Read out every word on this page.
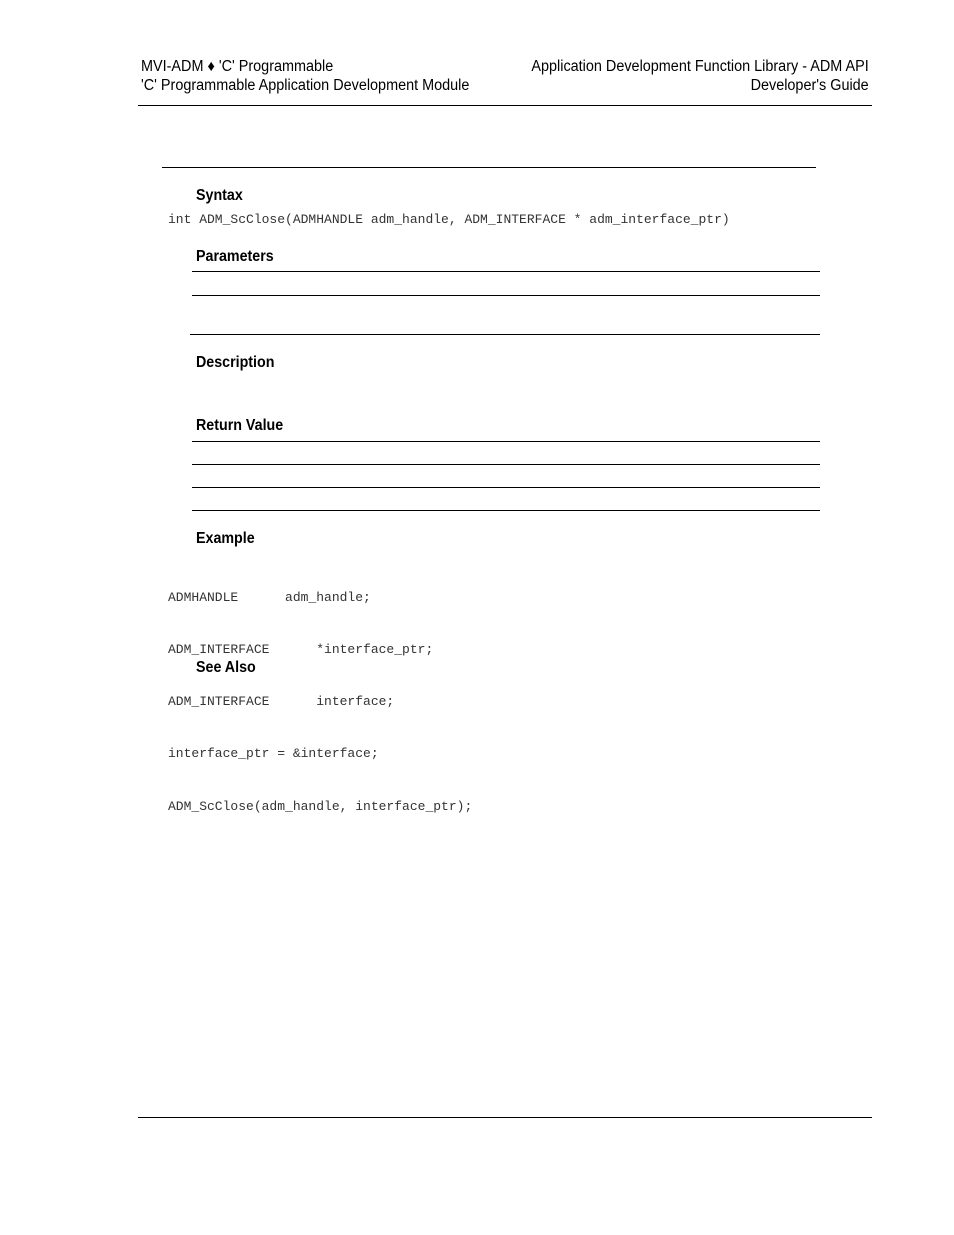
MVI-ADM ♦ 'C' Programmable
'C' Programmable Application Development Module
Application Development Function Library - ADM API
Developer's Guide
Syntax
int ADM_ScClose(ADMHANDLE adm_handle, ADM_INTERFACE * adm_interface_ptr)
Parameters
Description
Return Value
Example

ADMHANDLE      adm_handle;

ADM_INTERFACE      *interface_ptr;

ADM_INTERFACE      interface;

interface_ptr = &interface;

ADM_ScClose(adm_handle, interface_ptr);

See Also
